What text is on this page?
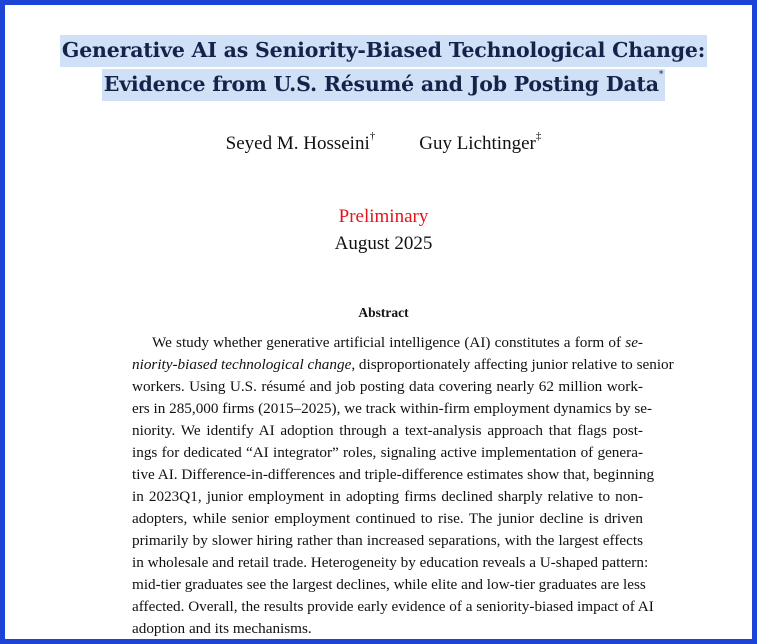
Generative AI as Seniority-Biased Technological Change:
Evidence from U.S. Résumé and Job Posting Data*
Seyed M. Hosseini† Guy Lichtinger‡
Preliminary
August 2025
Abstract
We study whether generative artificial intelligence (AI) constitutes a form of se-
niority-biased technological change, disproportionately affecting junior relative to senior
workers. Using U.S. résumé and job posting data covering nearly 62 million work-
ers in 285,000 firms (2015–2025), we track within-firm employment dynamics by se-
niority. We identify AI adoption through a text-analysis approach that flags post-
ings for dedicated “AI integrator” roles, signaling active implementation of genera-
tive AI. Difference-in-differences and triple-difference estimates show that, beginning
in 2023Q1, junior employment in adopting firms declined sharply relative to non-
adopters, while senior employment continued to rise. The junior decline is driven
primarily by slower hiring rather than increased separations, with the largest effects
in wholesale and retail trade. Heterogeneity by education reveals a U-shaped pattern:
mid-tier graduates see the largest declines, while elite and low-tier graduates are less
affected. Overall, the results provide early evidence of a seniority-biased impact of AI
adoption and its mechanisms.
